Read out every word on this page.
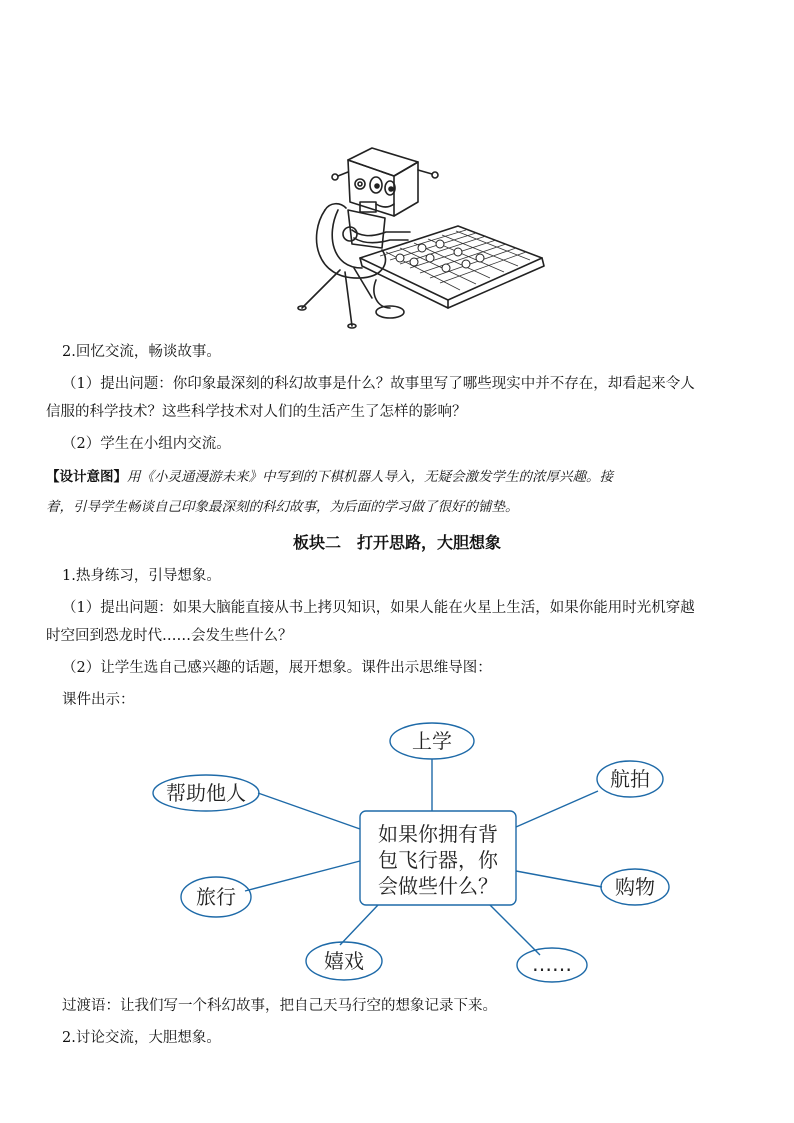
2.回忆交流，畅谈故事。
（1）提出问题：你印象最深刻的科幻故事是什么？故事里写了哪些现实中并不存在，却看起来令人
信服的科学技术？这些科学技术对人们的生活产生了怎样的影响？
（2）学生在小组内交流。
【设计意图】用《小灵通漫游未来》中写到的下棋机器人导入，无疑会激发学生的浓厚兴趣。接
着，引导学生畅谈自己印象最深刻的科幻故事，为后面的学习做了很好的铺垫。
板块二　打开思路，大胆想象
1.热身练习，引导想象。
（1）提出问题：如果大脑能直接从书上拷贝知识，如果人能在火星上生活，如果你能用时光机穿越
时空回到恐龙时代……会发生些什么？
（2）让学生选自己感兴趣的话题，展开想象。课件出示思维导图：
课件出示：
上学
帮助他人
航拍
旅行	购物
嬉戏	……
如果你拥有背
包飞行器，你
会做些什么？
过渡语：让我们写一个科幻故事，把自己天马行空的想象记录下来。
2.讨论交流，大胆想象。
